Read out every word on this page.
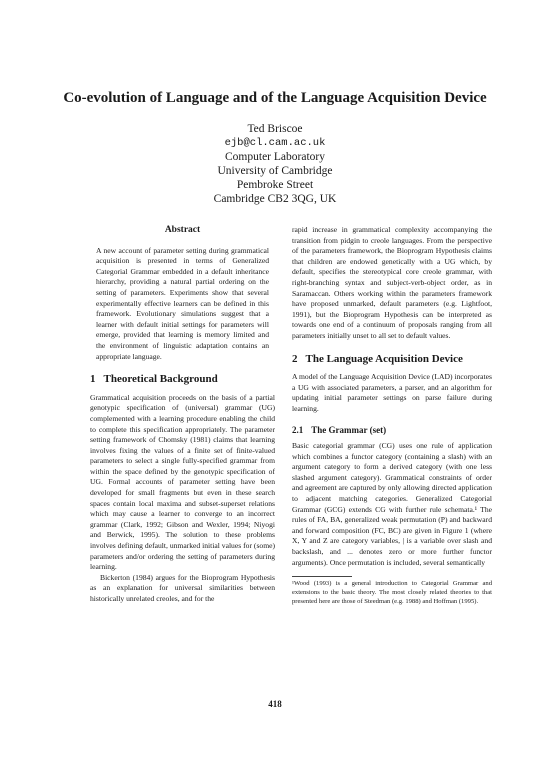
Co-evolution of Language and of the Language Acquisition Device
Ted Briscoe
ejb@cl.cam.ac.uk
Computer Laboratory
University of Cambridge
Pembroke Street
Cambridge CB2 3QG, UK
Abstract

A new account of parameter setting during grammatical acquisition is presented in terms of Generalized Categorial Grammar embedded in a default inheritance hierarchy, providing a natural partial ordering on the setting of parameters. Experiments show that several experimentally effective learners can be defined in this framework. Evolutionary simulations suggest that a learner with default initial settings for parameters will emerge, provided that learning is memory limited and the environment of linguistic adaptation contains an appropriate language.

1 Theoretical Background

Grammatical acquisition proceeds on the basis of a partial genotypic specification of (universal) grammar (UG) complemented with a learning procedure enabling the child to complete this specification appropriately. The parameter setting framework of Chomsky (1981) claims that learning involves fixing the values of a finite set of finite-valued parameters to select a single fully-specified grammar from within the space defined by the genotypic specification of UG. Formal accounts of parameter setting have been developed for small fragments but even in these search spaces contain local maxima and subset-superset relations which may cause a learner to converge to an incorrect grammar (Clark, 1992; Gibson and Wexler, 1994; Niyogi and Berwick, 1995). The solution to these problems involves defining default, unmarked initial values for (some) parameters and/or ordering the setting of parameters during learning.

Bickerton (1984) argues for the Bioprogram Hypothesis as an explanation for universal similarities between historically unrelated creoles, and for the

rapid increase in grammatical complexity accompanying the transition from pidgin to creole languages. From the perspective of the parameters framework, the Bioprogram Hypothesis claims that children are endowed genetically with a UG which, by default, specifies the stereotypical core creole grammar, with right-branching syntax and subject-verb-object order, as in Saramaccan. Others working within the parameters framework have proposed unmarked, default parameters (e.g. Lightfoot, 1991), but the Bioprogram Hypothesis can be interpreted as towards one end of a continuum of proposals ranging from all parameters initially unset to all set to default values.

2 The Language Acquisition Device

A model of the Language Acquisition Device (LAD) incorporates a UG with associated parameters, a parser, and an algorithm for updating initial parameter settings on parse failure during learning.

2.1 The Grammar (set)

Basic categorial grammar (CG) uses one rule of application which combines a functor category (containing a slash) with an argument category to form a derived category (with one less slashed argument category). Grammatical constraints of order and agreement are captured by only allowing directed application to adjacent matching categories. Generalized Categorial Grammar (GCG) extends CG with further rule schemata.¹ The rules of FA, BA, generalized weak permutation (P) and backward and forward composition (FC, BC) are given in Figure 1 (where X, Y and Z are category variables, | is a variable over slash and backslash, and ... denotes zero or more further functor arguments). Once permutation is included, several semantically

¹Wood (1993) is a general introduction to Categorial Grammar and extensions to the basic theory. The most closely related theories to that presented here are those of Steedman (e.g. 1988) and Hoffman (1995).

418
